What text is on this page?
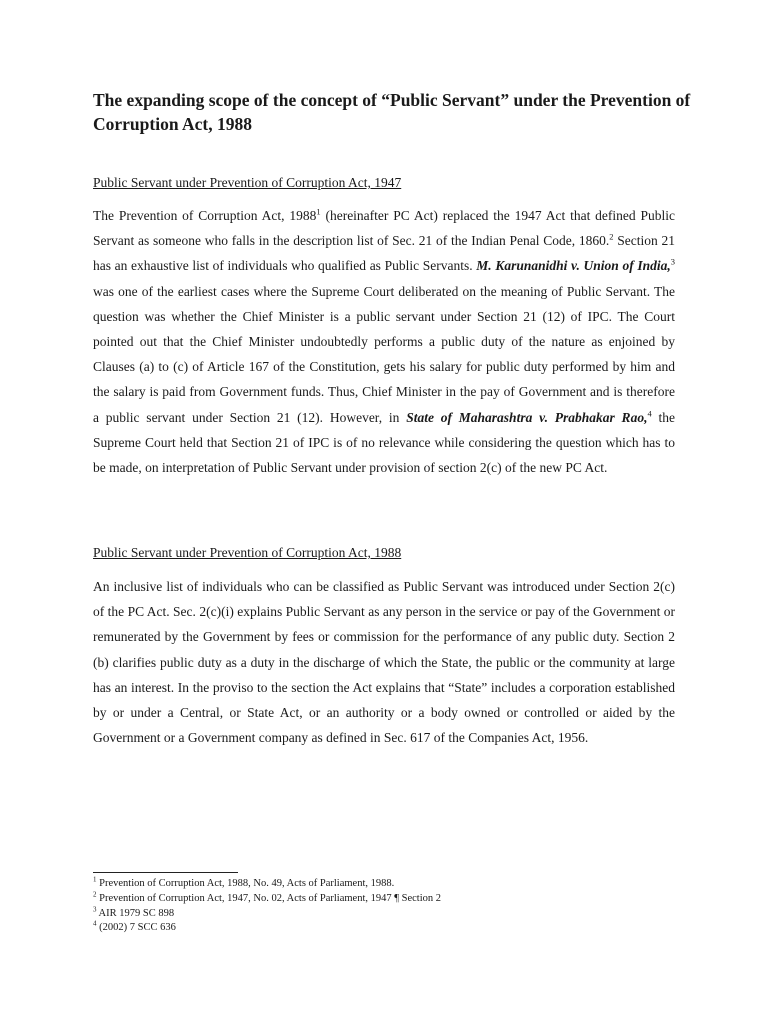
The expanding scope of the concept of “Public Servant” under the Prevention of Corruption Act, 1988

Public Servant under Prevention of Corruption Act, 1947

The Prevention of Corruption Act, 1988$^1$ (hereinafter PC Act) replaced the 1947 Act that defined Public Servant as someone who falls in the description list of Sec. 21 of the Indian Penal Code, 1860.$^2$ Section 21 has an exhaustive list of individuals who qualified as Public Servants. M. Karunanidhi v. Union of India,$^3$ was one of the earliest cases where the Supreme Court deliberated on the meaning of Public Servant. The question was whether the Chief Minister is a public servant under Section 21 (12) of IPC. The Court pointed out that the Chief Minister undoubtedly performs a public duty of the nature as enjoined by Clauses (a) to (c) of Article 167 of the Constitution, gets his salary for public duty performed by him and the salary is paid from Government funds. Thus, Chief Minister in the pay of Government and is therefore a public servant under Section 21 (12). However, in State of Maharashtra v. Prabhakar Rao,$^4$ the Supreme Court held that Section 21 of IPC is of no relevance while considering the question which has to be made, on interpretation of Public Servant under provision of section 2(c) of the new PC Act.

Public Servant under Prevention of Corruption Act, 1988

An inclusive list of individuals who can be classified as Public Servant was introduced under Section 2(c) of the PC Act. Sec. 2(c)(i) explains Public Servant as any person in the service or pay of the Government or remunerated by the Government by fees or commission for the performance of any public duty. Section 2 (b) clarifies public duty as a duty in the discharge of which the State, the public or the community at large has an interest. In the proviso to the section the Act explains that “State” includes a corporation established by or under a Central, or State Act, or an authority or a body owned or controlled or aided by the Government or a Government company as defined in Sec. 617 of the Companies Act, 1956.

$^1$ Prevention of Corruption Act, 1988, No. 49, Acts of Parliament, 1988.
$^2$ Prevention of Corruption Act, 1947, No. 02, Acts of Parliament, 1947 ¶ Section 2
$^3$ AIR 1979 SC 898
$^4$ (2002) 7 SCC 636
